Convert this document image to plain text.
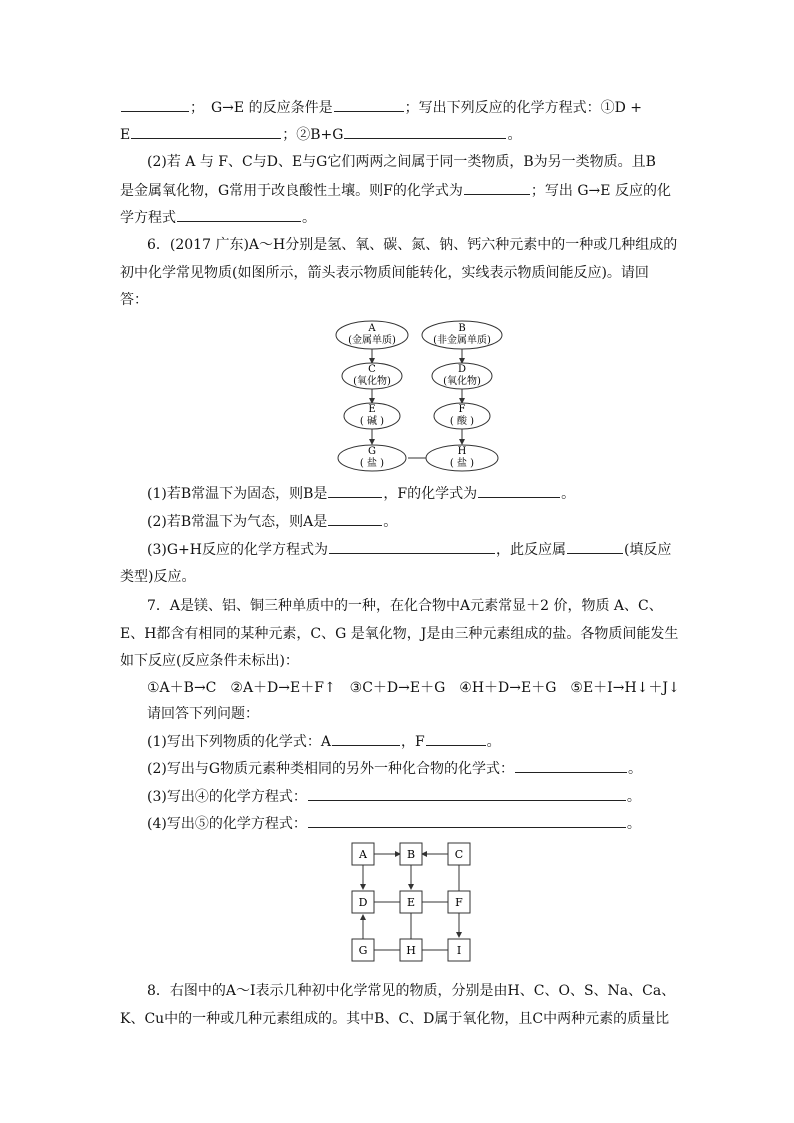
；　G→E 的反应条件是	；写出下列反应的化学方程式：①D +
E	；②B+G	。
(2)若 A 与 F、C与D、E与G它们两两之间属于同一类物质，B为另一类物质。且B
是金属氧化物，G常用于改良酸性土壤。则F的化学式为	；写出 G→E 反应的化
学方程式	。
6．(2017 广东)A～H分别是氢、氧、碳、氮、钠、钙六种元素中的一种或几种组成的
初中化学常见物质(如图所示，箭头表示物质间能转化，实线表示物质间能反应)。请回
答：
A
(金属单质)
B
(非金属单质)
C
(氧化物)
D
(氧化物)
E
( 碱 )
F
( 酸 )
G
( 盐 )
H
( 盐 )
(1)若B常温下为固态，则B是	，F的化学式为	。
(2)若B常温下为气态，则A是	。
(3)G+H反应的化学方程式为	，此反应属	(填反应
类型)反应。
7．A是镁、铝、铜三种单质中的一种，在化合物中A元素常显＋2 价，物质 A、C、
E、H都含有相同的某种元素，C、G 是氧化物，J是由三种元素组成的盐。各物质间能发生
如下反应(反应条件未标出)：
①A＋B→C　②A＋D→E＋F↑　③C＋D→E＋G　④H＋D→E＋G　⑤E＋I→H↓＋J↓
请回答下列问题：
(1)写出下列物质的化学式：A	，F	。
(2)写出与G物质元素种类相同的另外一种化合物的化学式：	。
(3)写出④的化学方程式：	。
(4)写出⑤的化学方程式：	。
A	B	C
D	E	F
G	H	I
8．右图中的A～I表示几种初中化学常见的物质，分别是由H、C、O、S、Na、Ca、
K、Cu中的一种或几种元素组成的。其中B、C、D属于氧化物，且C中两种元素的质量比
